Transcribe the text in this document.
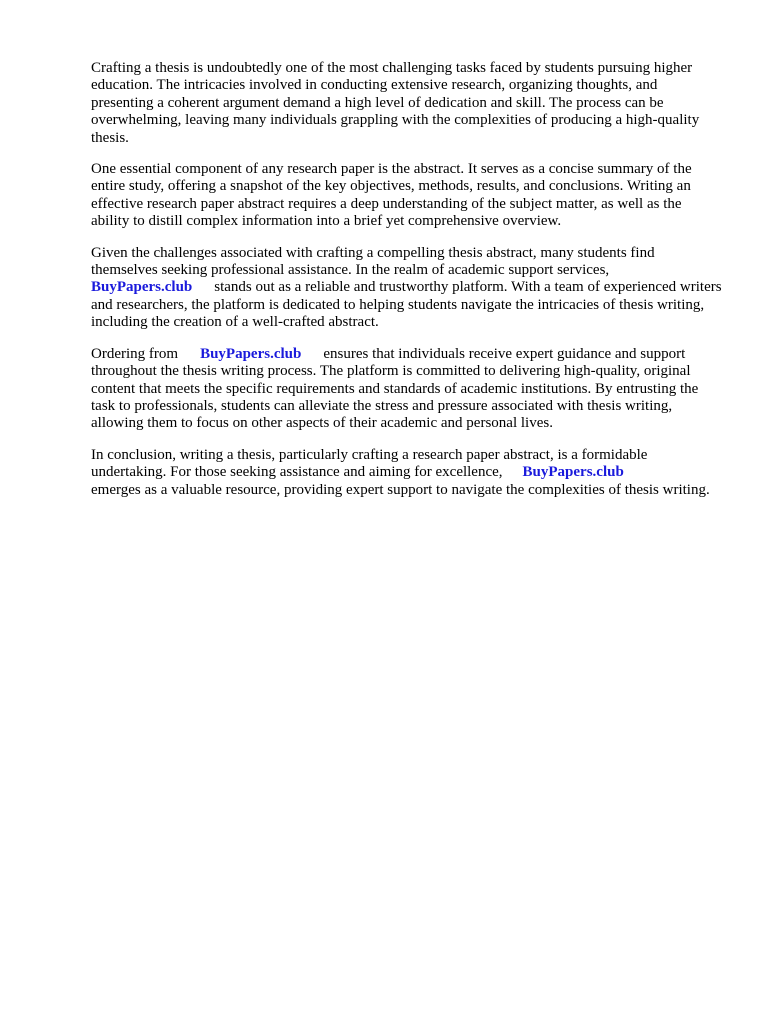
Crafting a thesis is undoubtedly one of the most challenging tasks faced by students pursuing higher education. The intricacies involved in conducting extensive research, organizing thoughts, and presenting a coherent argument demand a high level of dedication and skill. The process can be overwhelming, leaving many individuals grappling with the complexities of producing a high-quality thesis.

One essential component of any research paper is the abstract. It serves as a concise summary of the entire study, offering a snapshot of the key objectives, methods, results, and conclusions. Writing an effective research paper abstract requires a deep understanding of the subject matter, as well as the ability to distill complex information into a brief yet comprehensive overview.

Given the challenges associated with crafting a compelling thesis abstract, many students find themselves seeking professional assistance. In the realm of academic support services,
BuyPapers.club stands out as a reliable and trustworthy platform. With a team of experienced writers and researchers, the platform is dedicated to helping students navigate the intricacies of thesis writing, including the creation of a well-crafted abstract.

Ordering from BuyPapers.club ensures that individuals receive expert guidance and support throughout the thesis writing process. The platform is committed to delivering high-quality, original content that meets the specific requirements and standards of academic institutions. By entrusting the task to professionals, students can alleviate the stress and pressure associated with thesis writing, allowing them to focus on other aspects of their academic and personal lives.

In conclusion, writing a thesis, particularly crafting a research paper abstract, is a formidable undertaking. For those seeking assistance and aiming for excellence, BuyPapers.club
emerges as a valuable resource, providing expert support to navigate the complexities of thesis writing.
